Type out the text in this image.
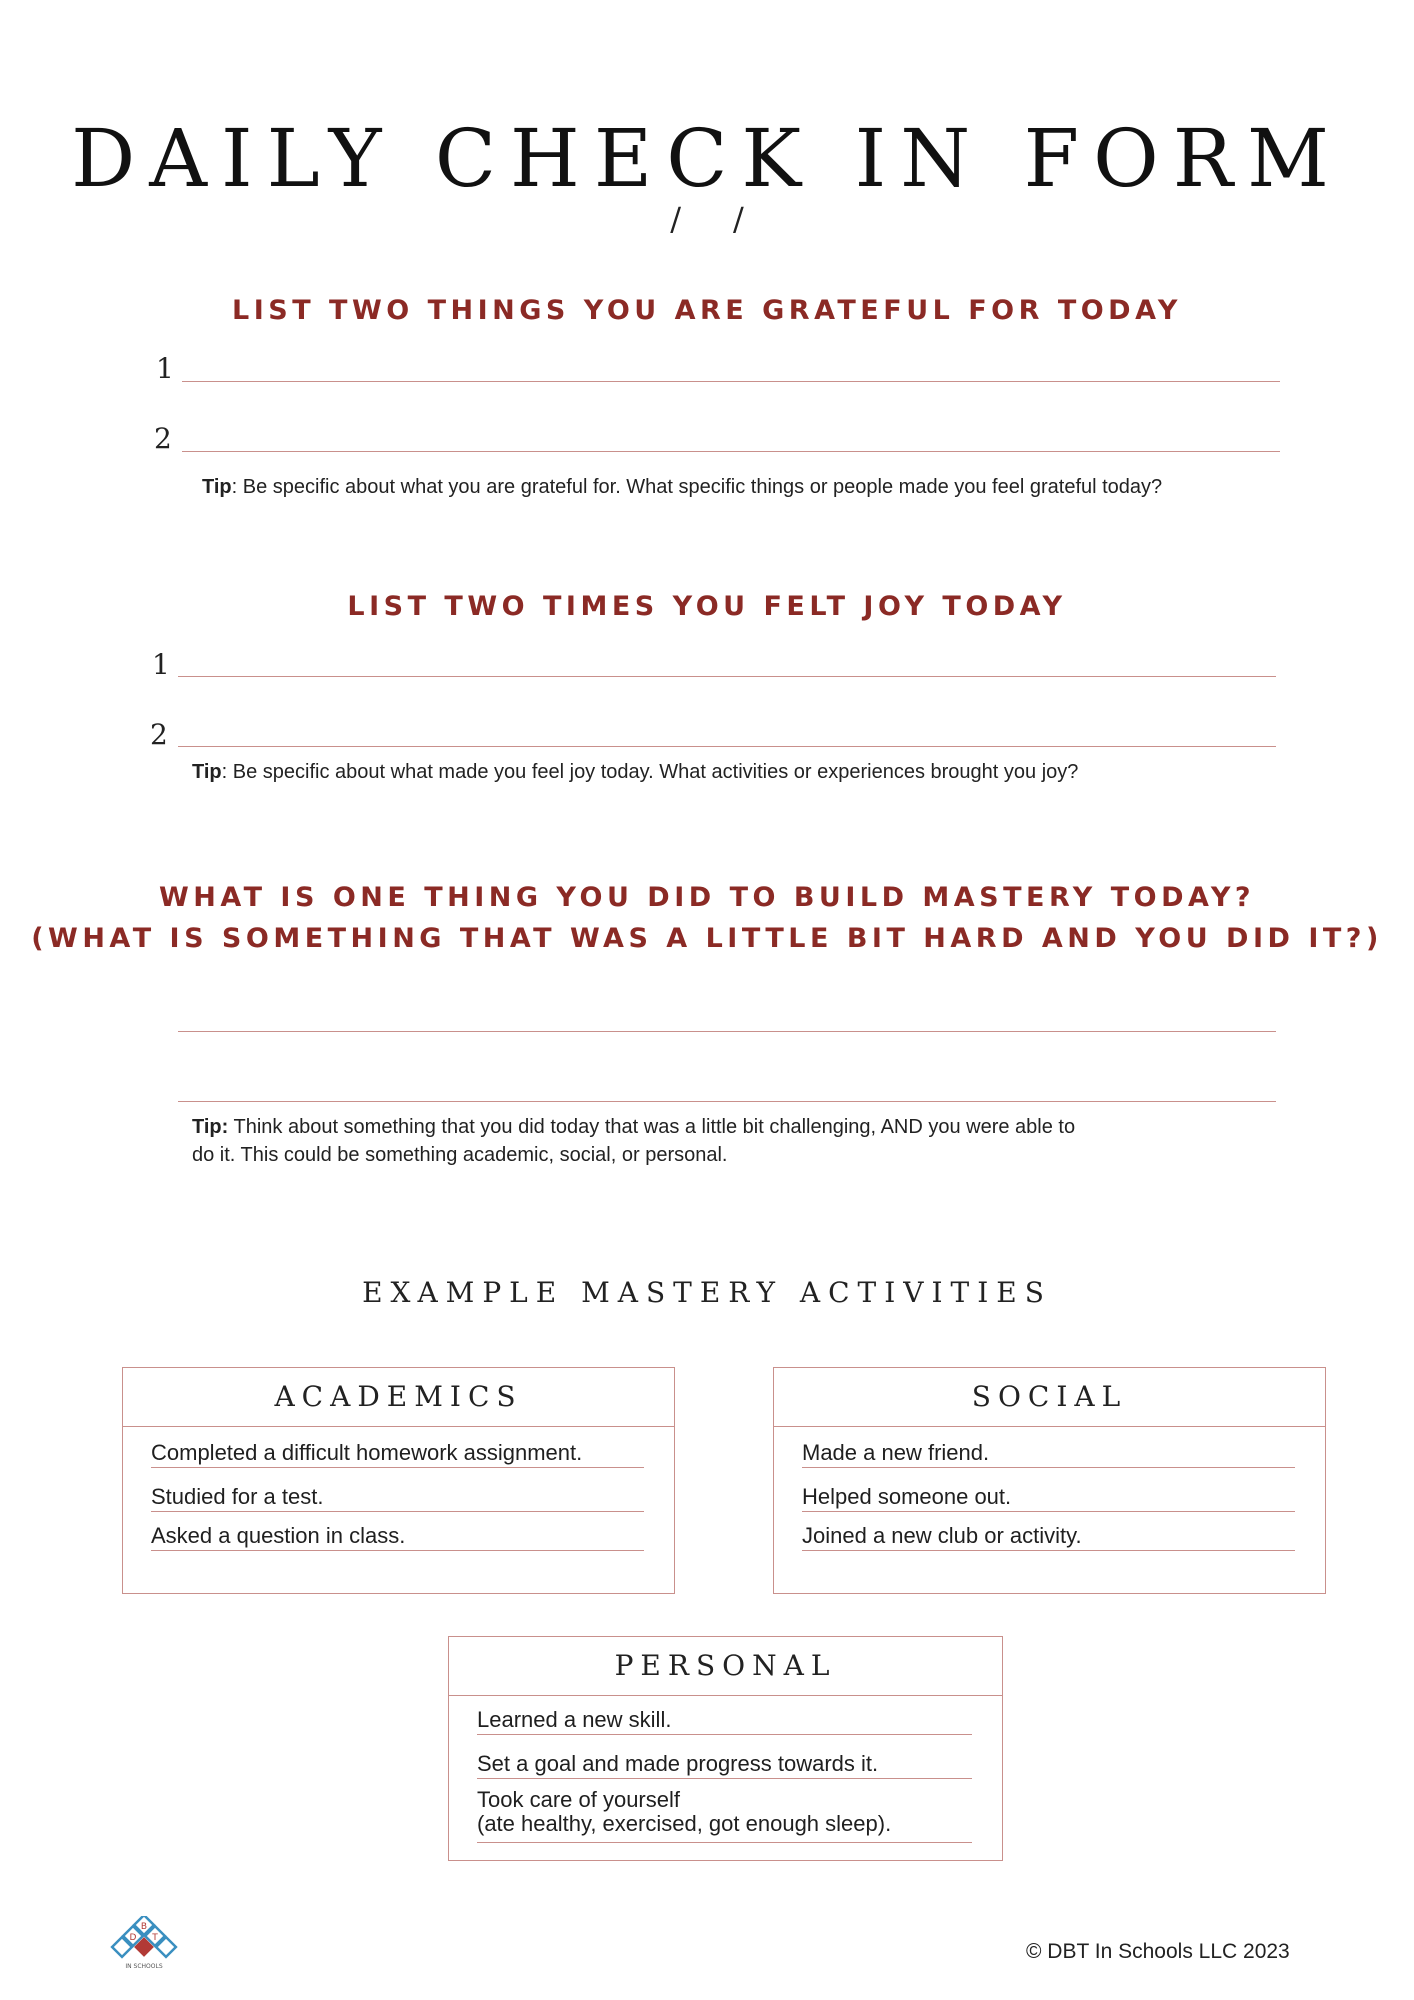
DAILY CHECK IN FORM
/ /
LIST TWO THINGS YOU ARE GRATEFUL FOR TODAY
1
2
Tip: Be specific about what you are grateful for. What specific things or people made you feel grateful today?
LIST TWO TIMES YOU FELT JOY TODAY
1
2
Tip: Be specific about what made you feel joy today. What activities or experiences brought you joy?
WHAT IS ONE THING YOU DID TO BUILD MASTERY TODAY?
(WHAT IS SOMETHING THAT WAS A LITTLE BIT HARD AND YOU DID IT?)
Tip: Think about something that you did today that was a little bit challenging, AND you were able to
do it. This could be something academic, social, or personal.
EXAMPLE MASTERY ACTIVITIES
ACADEMICS
Completed a difficult homework assignment.
Studied for a test.
Asked a question in class.
SOCIAL
Made a new friend.
Helped someone out.
Joined a new club or activity.
PERSONAL
Learned a new skill.
Set a goal and made progress towards it.
Took care of yourself
(ate healthy, exercised, got enough sleep).
D
B
T
IN SCHOOLS
© DBT In Schools LLC 2023
